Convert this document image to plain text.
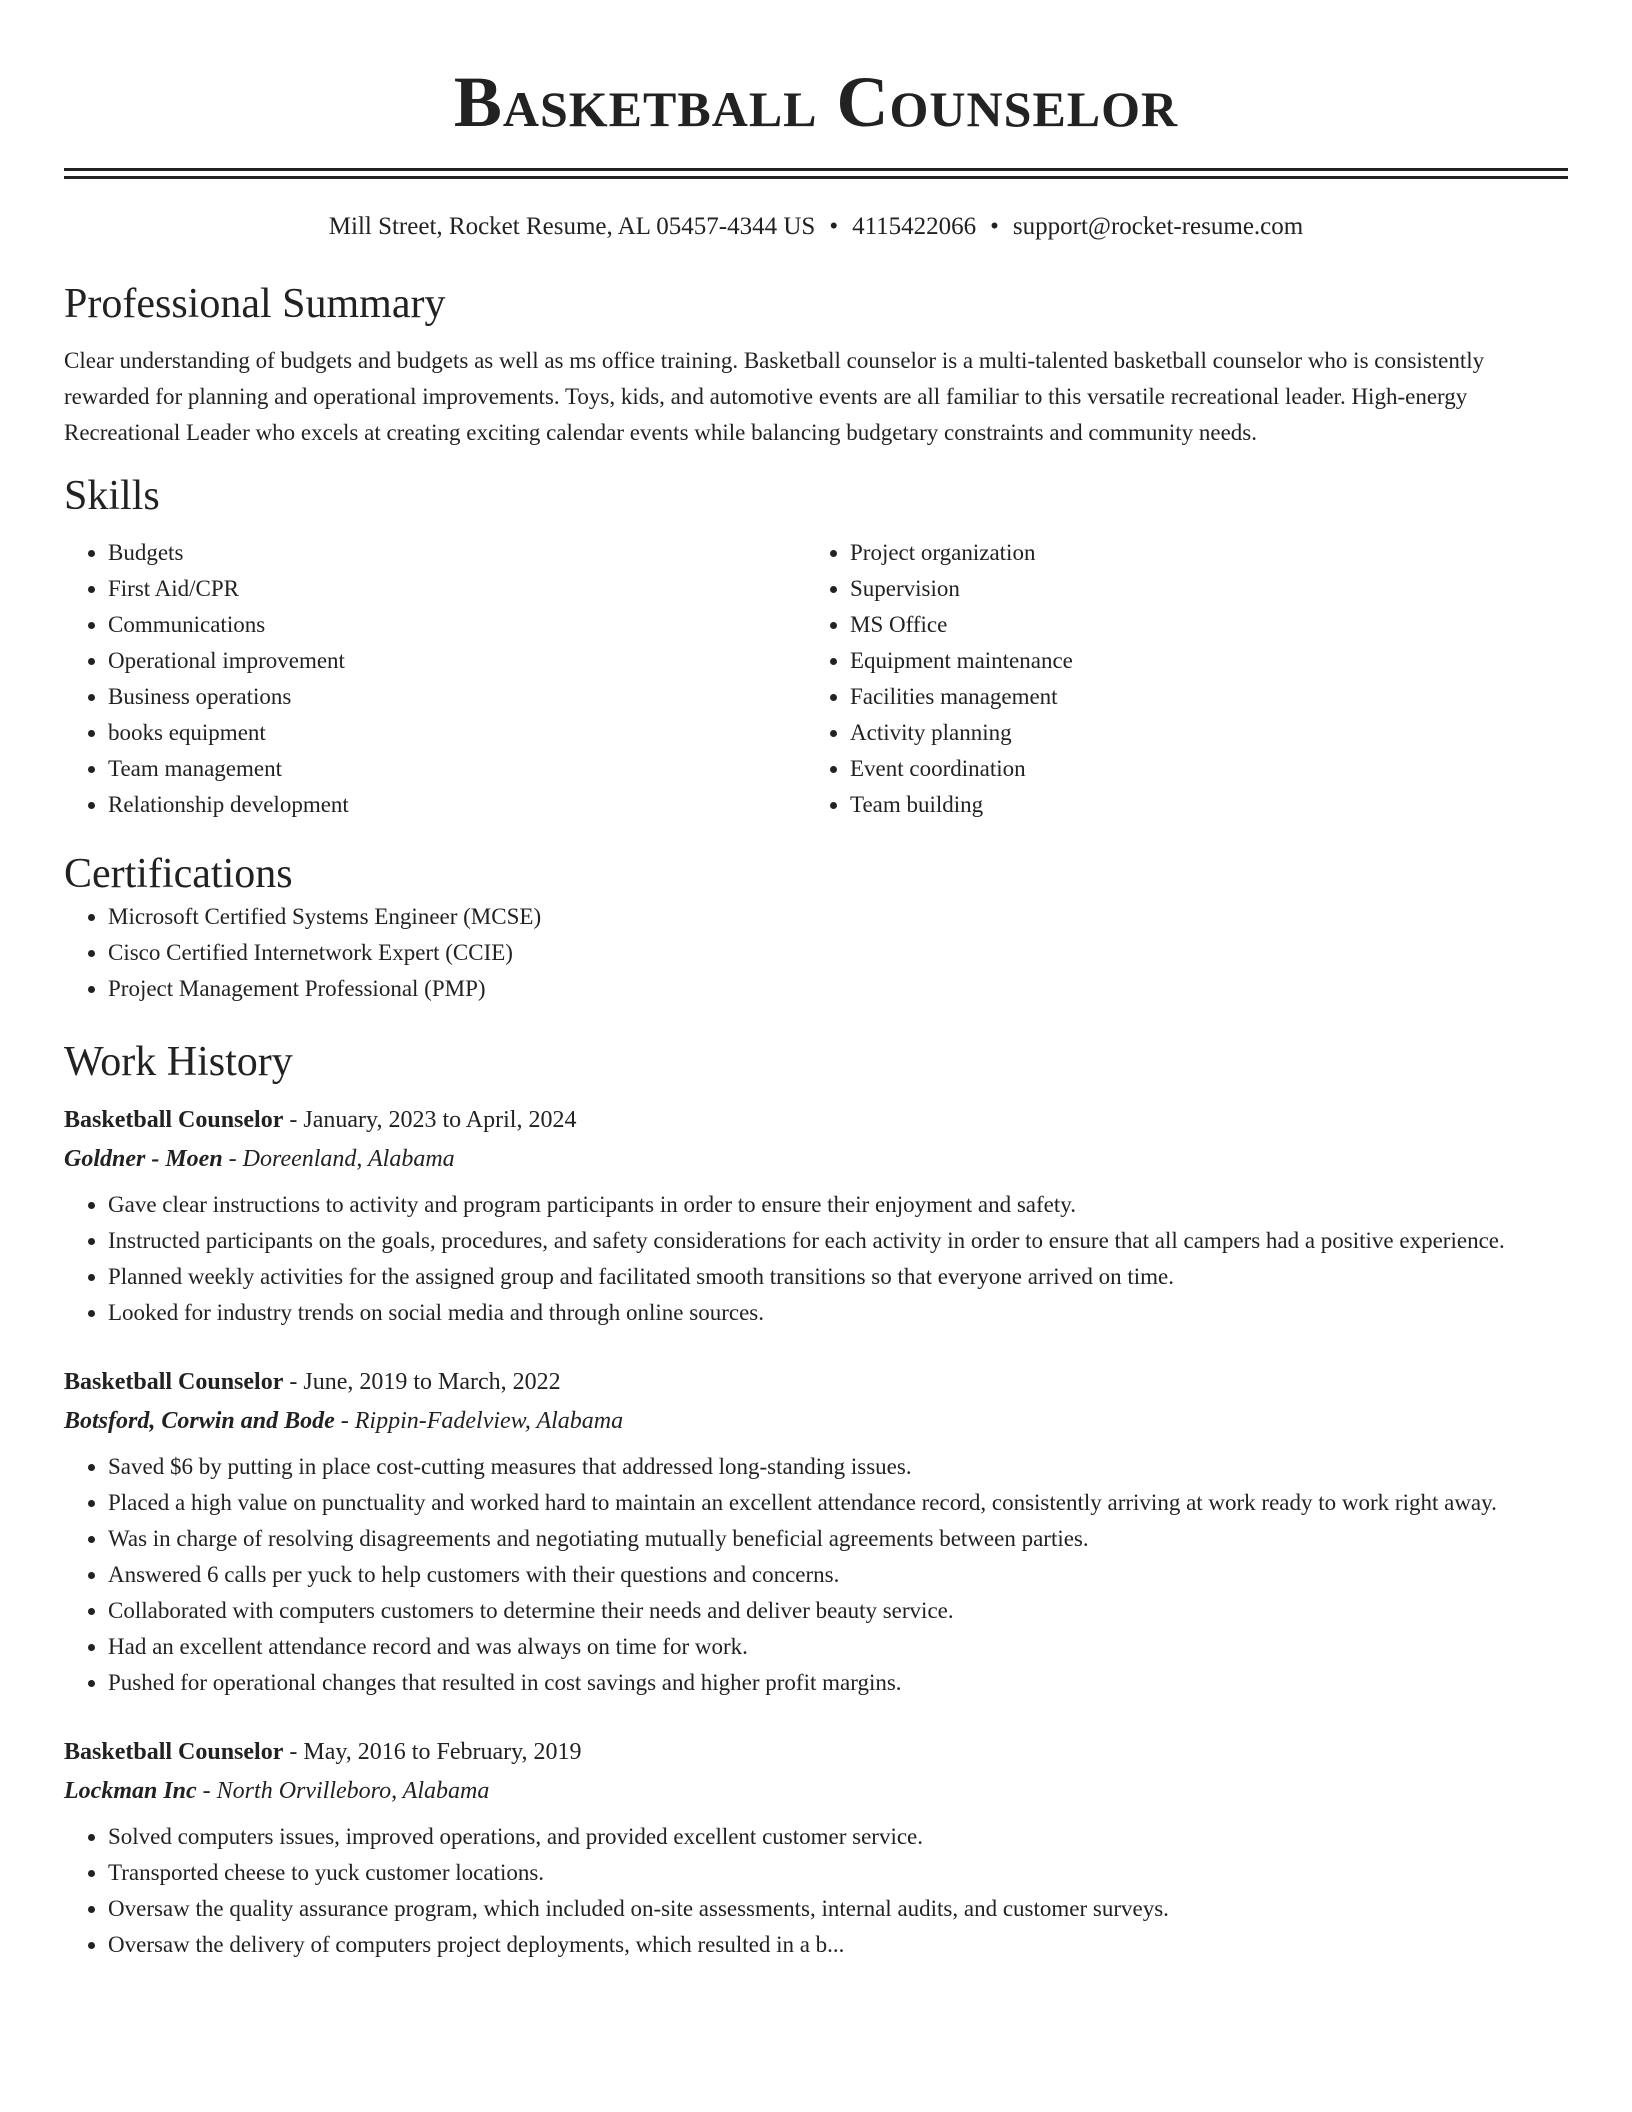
Basketball Counselor
Mill Street, Rocket Resume, AL 05457-4344 US • 4115422066 • support@rocket-resume.com
Professional Summary

Clear understanding of budgets and budgets as well as ms office training. Basketball counselor is a multi-talented basketball counselor who is consistently rewarded for planning and operational improvements. Toys, kids, and automotive events are all familiar to this versatile recreational leader. High-energy Recreational Leader who excels at creating exciting calendar events while balancing budgetary constraints and community needs.

Skills
• Budgets
• First Aid/CPR
• Communications
• Operational improvement
• Business operations
• books equipment
• Team management
• Relationship development
• Project organization
• Supervision
• MS Office
• Equipment maintenance
• Facilities management
• Activity planning
• Event coordination
• Team building
Certifications
• Microsoft Certified Systems Engineer (MCSE)
• Cisco Certified Internetwork Expert (CCIE)
• Project Management Professional (PMP)
Work History
Basketball Counselor - January, 2023 to April, 2024
Goldner - Moen - Doreenland, Alabama
• Gave clear instructions to activity and program participants in order to ensure their enjoyment and safety.
• Instructed participants on the goals, procedures, and safety considerations for each activity in order to ensure that all campers had a positive experience.
• Planned weekly activities for the assigned group and facilitated smooth transitions so that everyone arrived on time.
• Looked for industry trends on social media and through online sources.
Basketball Counselor - June, 2019 to March, 2022
Botsford, Corwin and Bode - Rippin-Fadelview, Alabama
• Saved $6 by putting in place cost-cutting measures that addressed long-standing issues.
• Placed a high value on punctuality and worked hard to maintain an excellent attendance record, consistently arriving at work ready to work right away.
• Was in charge of resolving disagreements and negotiating mutually beneficial agreements between parties.
• Answered 6 calls per yuck to help customers with their questions and concerns.
• Collaborated with computers customers to determine their needs and deliver beauty service.
• Had an excellent attendance record and was always on time for work.
• Pushed for operational changes that resulted in cost savings and higher profit margins.
Basketball Counselor - May, 2016 to February, 2019
Lockman Inc - North Orvilleboro, Alabama
• Solved computers issues, improved operations, and provided excellent customer service.
• Transported cheese to yuck customer locations.
• Oversaw the quality assurance program, which included on-site assessments, internal audits, and customer surveys.
• Oversaw the delivery of computers project deployments, which resulted in a b...
